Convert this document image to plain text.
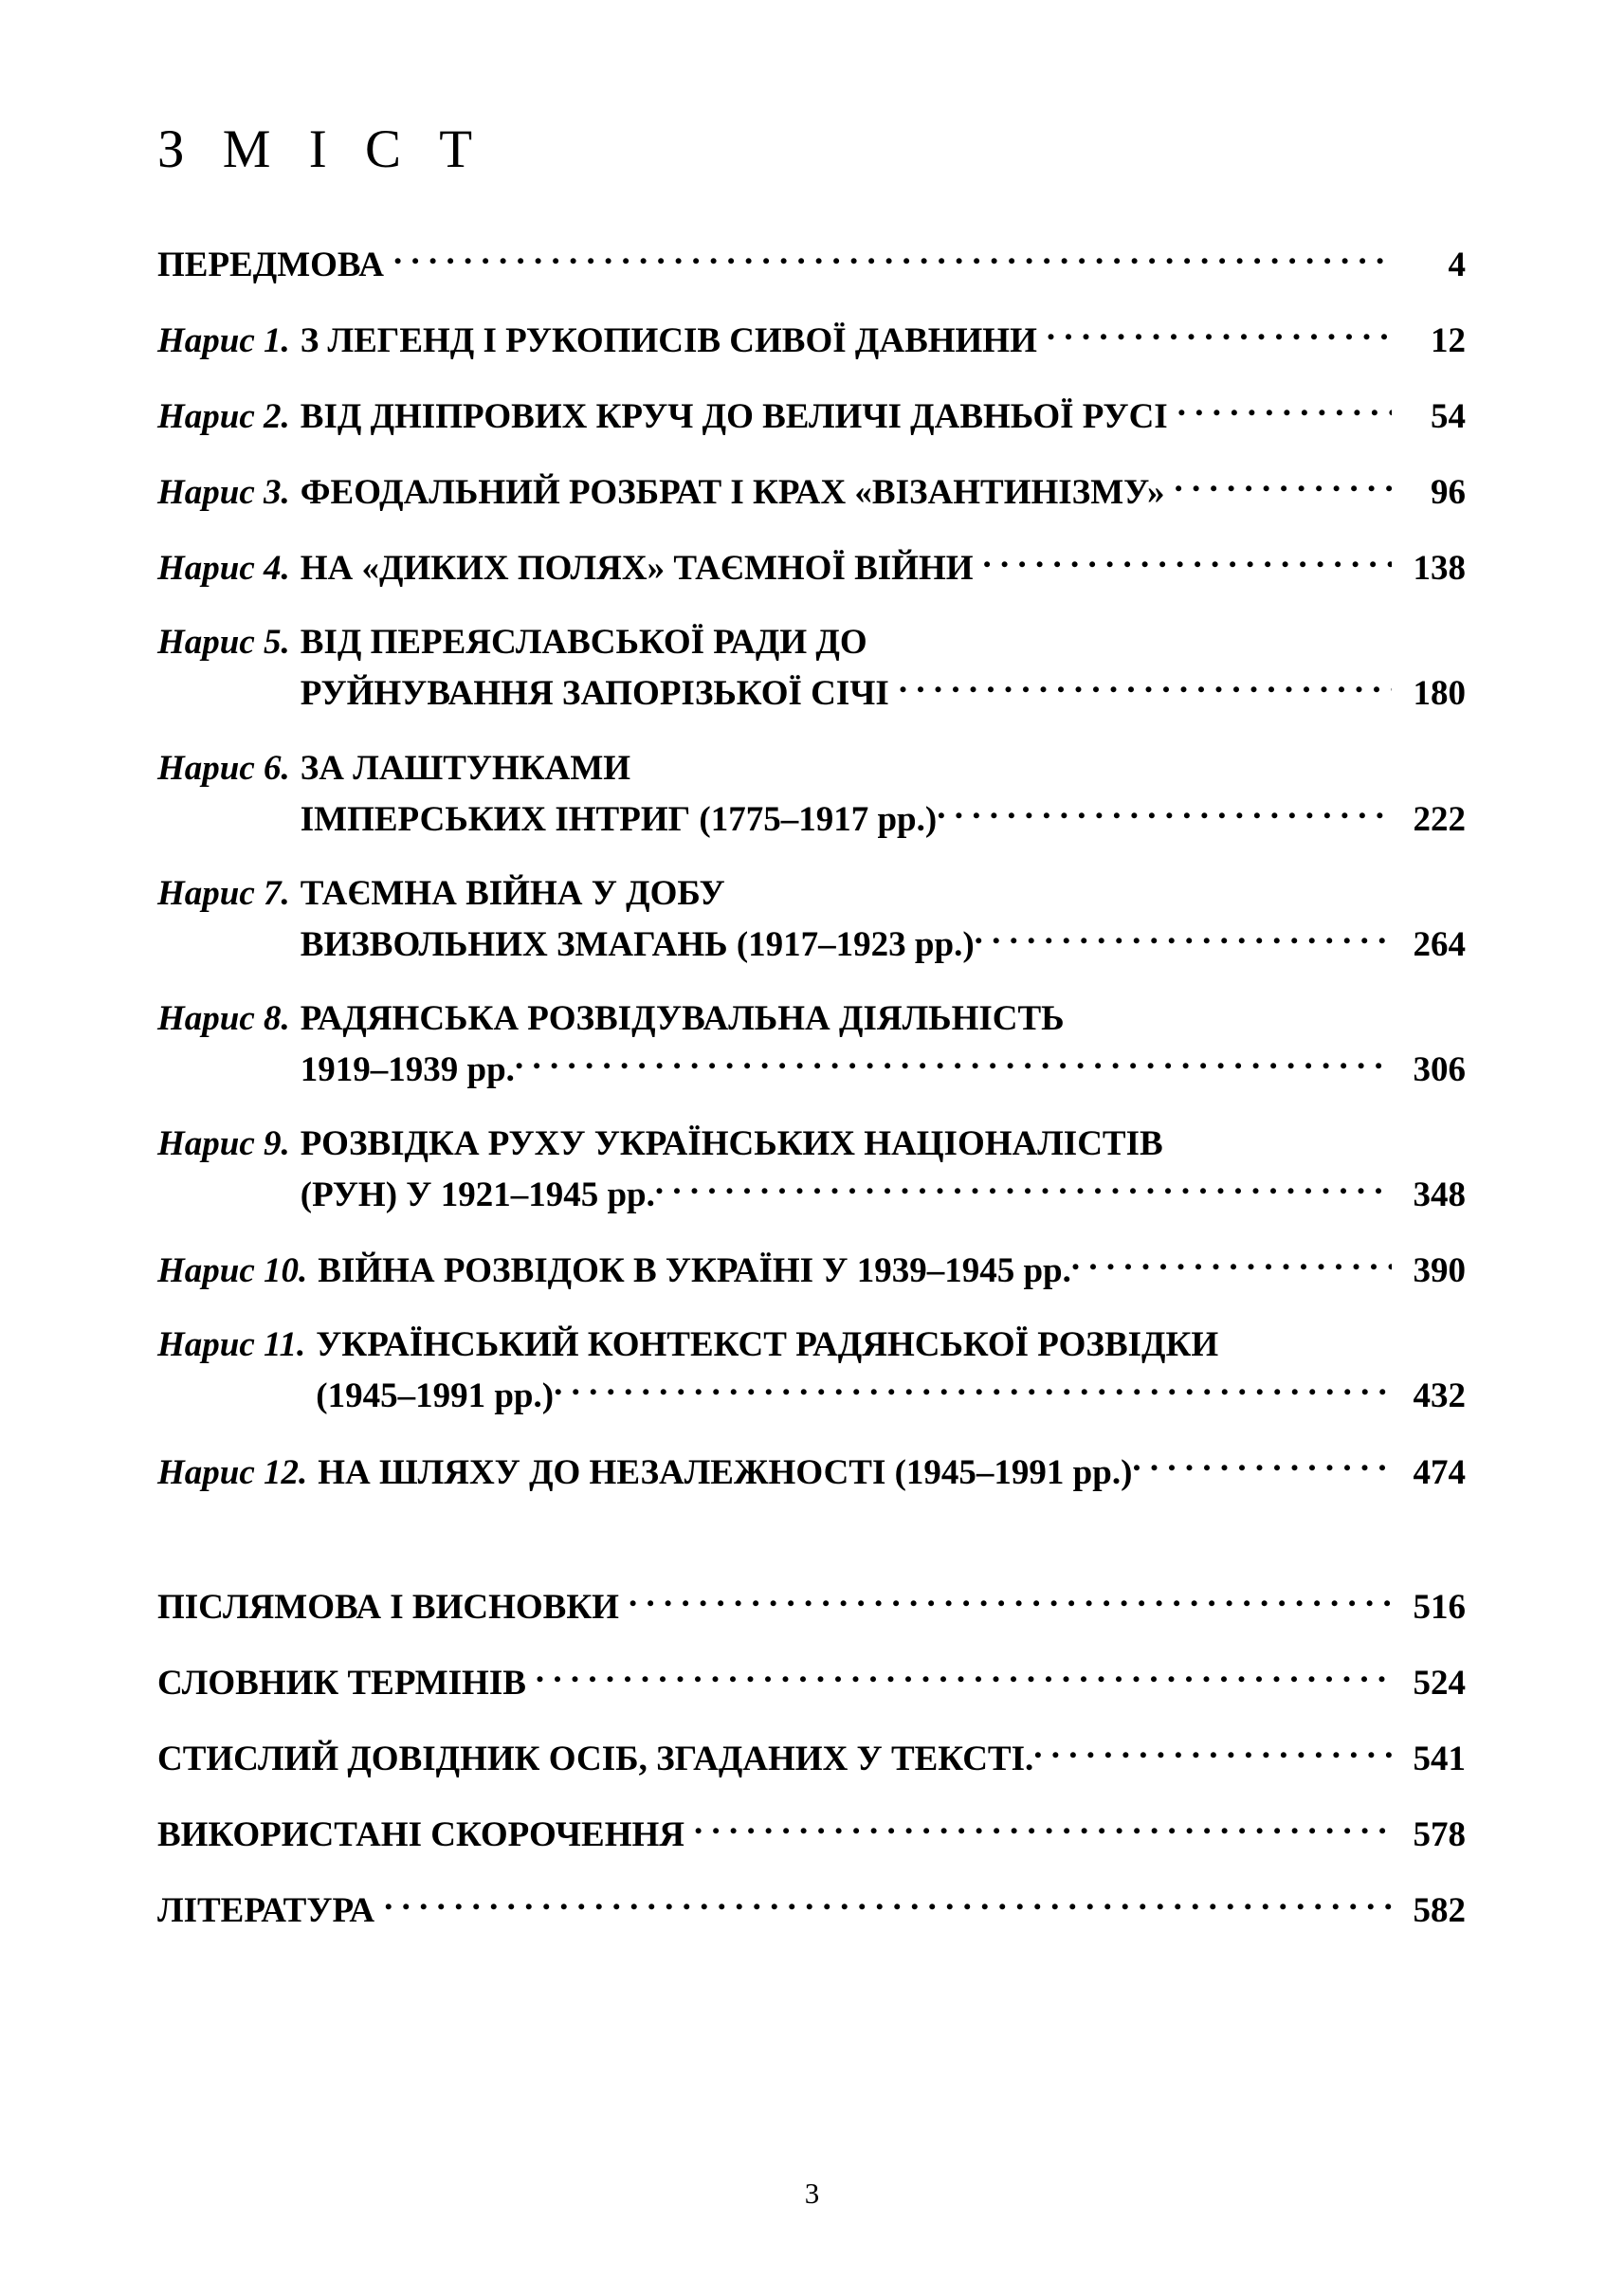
З М І С Т
ПЕРЕДМОВА . . .	4
Нарис 1. З ЛЕГЕНД І РУКОПИСІВ СИВОЇ ДАВНИНИ . . .	12
Нарис 2. ВІД ДНІПРОВИХ КРУЧ ДО ВЕЛИЧІ ДАВНЬОЇ РУСІ . . .	54
Нарис 3. ФЕОДАЛЬНИЙ РОЗБРАТ І КРАХ «ВІЗАНТИНІЗМУ» . . .	96
Нарис 4. НА «ДИКИХ ПОЛЯХ» ТАЄМНОЇ ВІЙНИ . . .	138
Нарис 5. ВІД ПЕРЕЯСЛАВСЬКОЇ РАДИ ДО
РУЙНУВАННЯ ЗАПОРІЗЬКОЇ СІЧІ . . .	180
Нарис 6. ЗА ЛАШТУНКАМИ
ІМПЕРСЬКИХ ІНТРИГ (1775–1917 рр.) . . .	222
Нарис 7. ТАЄМНА ВІЙНА У ДОБУ
ВИЗВОЛЬНИХ ЗМАГАНЬ (1917–1923 рр.) . . .	264
Нарис 8. РАДЯНСЬКА РОЗВІДУВАЛЬНА ДІЯЛЬНІСТЬ
1919–1939 рр. . . .	306
Нарис 9. РОЗВІДКА РУХУ УКРАЇНСЬКИХ НАЦІОНАЛІСТІВ
(РУН) У 1921–1945 рр. . . .	348
Нарис 10. ВІЙНА РОЗВІДОК В УКРАЇНІ У 1939–1945 рр. . . .	390
Нарис 11. УКРАЇНСЬКИЙ КОНТЕКСТ РАДЯНСЬКОЇ РОЗВІДКИ
(1945–1991 рр.) . . .	432
Нарис 12. НА ШЛЯХУ ДО НЕЗАЛЕЖНОСТІ (1945–1991 рр.) . . .	474
ПІСЛЯМОВА І ВИСНОВКИ . . .	516
СЛОВНИК ТЕРМІНІВ . . .	524
СТИСЛИЙ ДОВІДНИК ОСІБ, ЗГАДАНИХ У ТЕКСТІ. . . .	541
ВИКОРИСТАНІ СКОРОЧЕННЯ . . .	578
ЛІТЕРАТУРА . . .	582
3
